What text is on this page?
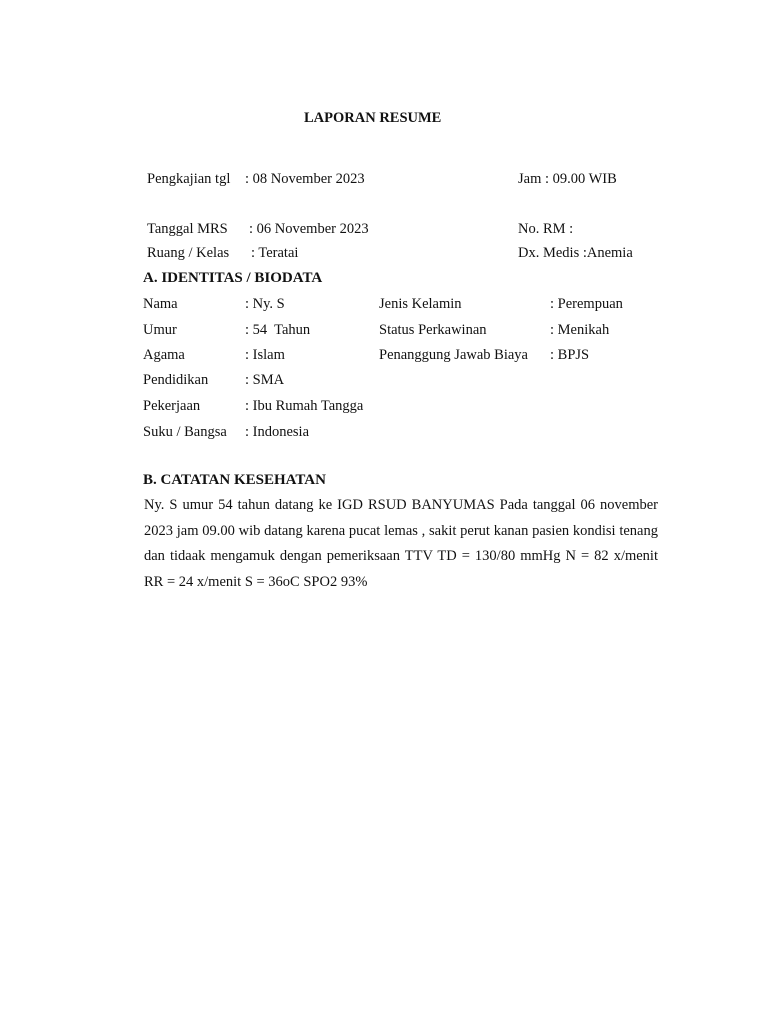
LAPORAN RESUME
Pengkajian tgl : 08 November 2023	Jam : 09.00 WIB
Tanggal MRS : 06 November 2023	No. RM :
Ruang / Kelas : Teratai	Dx. Medis :Anemia
A. IDENTITAS / BIODATA
Nama	: Ny. S	Jenis Kelamin	: Perempuan
Umur	: 54  Tahun	Status Perkawinan	: Menikah
Agama	: Islam	Penanggung Jawab Biaya : BPJS
Pendidikan	: SMA
Pekerjaan	: Ibu Rumah Tangga
Suku / Bangsa : Indonesia
B. CATATAN KESEHATAN

Ny. S umur 54 tahun datang ke IGD RSUD BANYUMAS Pada tanggal 06 november 2023 jam 09.00 wib datang karena pucat lemas , sakit perut kanan pasien kondisi tenang dan tidaak mengamuk dengan pemeriksaan TTV TD = 130/80 mmHg N = 82 x/menit RR = 24 x/menit S = 36oC SPO2 93%
